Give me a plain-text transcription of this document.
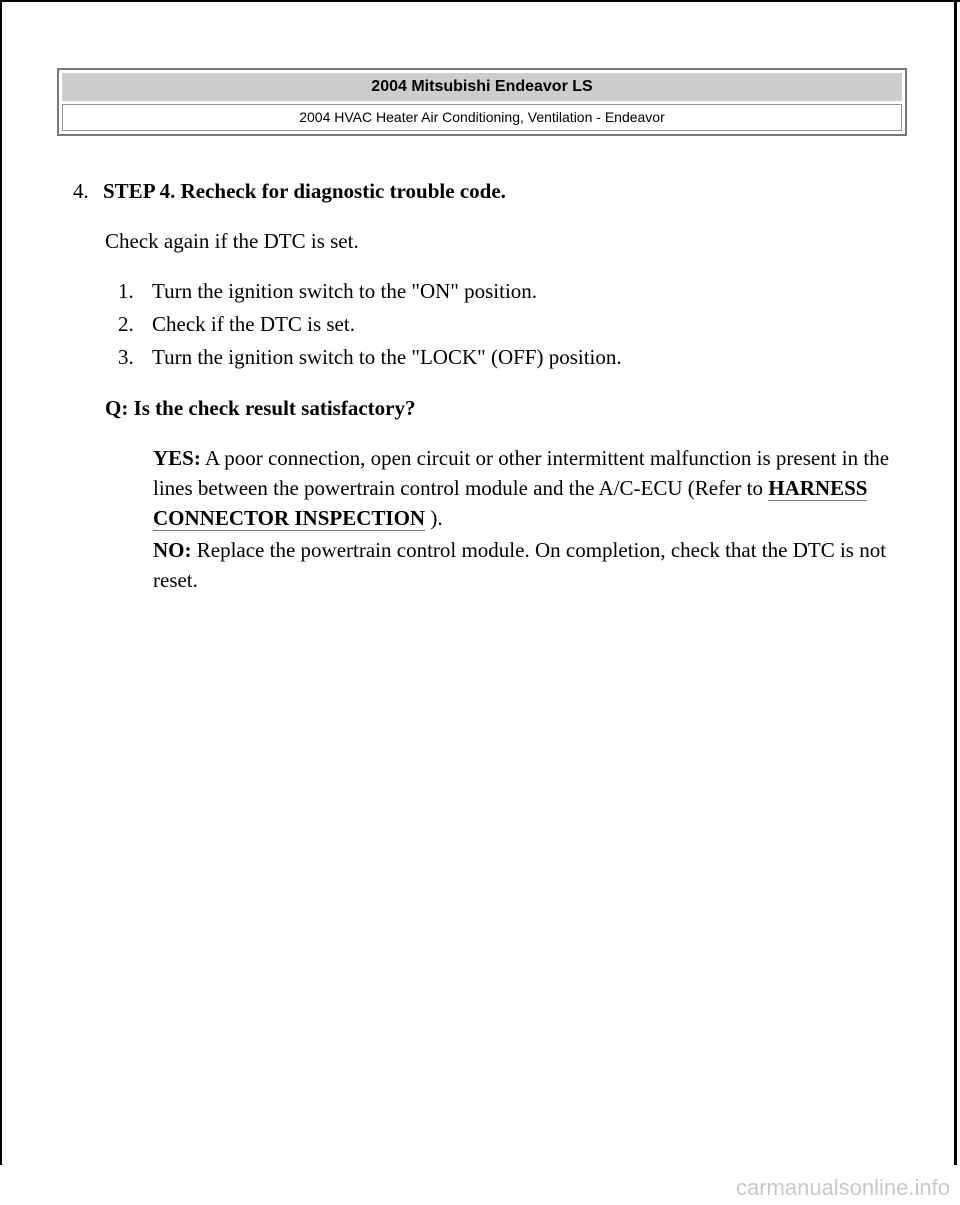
2004 Mitsubishi Endeavor LS
2004 HVAC Heater Air Conditioning, Ventilation - Endeavor
4. STEP 4. Recheck for diagnostic trouble code.
Check again if the DTC is set.
1. Turn the ignition switch to the "ON" position.
2. Check if the DTC is set.
3. Turn the ignition switch to the "LOCK" (OFF) position.
Q: Is the check result satisfactory?
YES: A poor connection, open circuit or other intermittent malfunction is present in the lines between the powertrain control module and the A/C-ECU (Refer to HARNESS CONNECTOR INSPECTION ).
NO: Replace the powertrain control module. On completion, check that the DTC is not reset.
carmanualsonline.info
